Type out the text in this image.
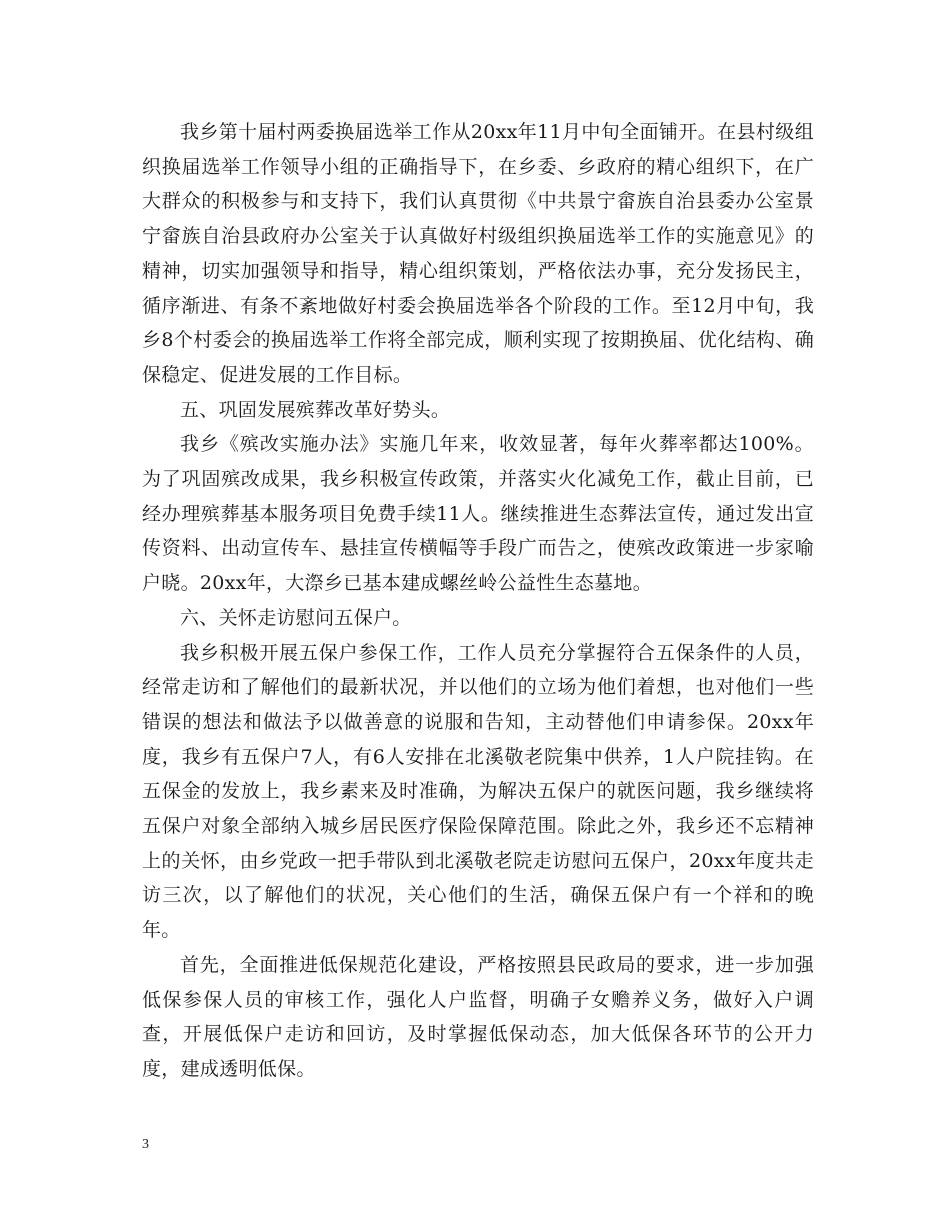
我乡第十届村两委换届选举工作从20xx年11月中旬全面铺开。在县村级组织换届选举工作领导小组的正确指导下，在乡委、乡政府的精心组织下，在广大群众的积极参与和支持下，我们认真贯彻《中共景宁畲族自治县委办公室景宁畲族自治县政府办公室关于认真做好村级组织换届选举工作的实施意见》的精神，切实加强领导和指导，精心组织策划，严格依法办事，充分发扬民主，循序渐进、有条不紊地做好村委会换届选举各个阶段的工作。至12月中旬，我乡8个村委会的换届选举工作将全部完成，顺利实现了按期换届、优化结构、确保稳定、促进发展的工作目标。

五、巩固发展殡葬改革好势头。

我乡《殡改实施办法》实施几年来，收效显著，每年火葬率都达100%。为了巩固殡改成果，我乡积极宣传政策，并落实火化减免工作，截止目前，已经办理殡葬基本服务项目免费手续11人。继续推进生态葬法宣传，通过发出宣传资料、出动宣传车、悬挂宣传横幅等手段广而告之，使殡改政策进一步家喻户晓。20xx年，大漈乡已基本建成螺丝岭公益性生态墓地。

六、关怀走访慰问五保户。

我乡积极开展五保户参保工作，工作人员充分掌握符合五保条件的人员，经常走访和了解他们的最新状况，并以他们的立场为他们着想，也对他们一些错误的想法和做法予以做善意的说服和告知，主动替他们申请参保。20xx年度，我乡有五保户7人，有6人安排在北溪敬老院集中供养，1人户院挂钩。在五保金的发放上，我乡素来及时准确，为解决五保户的就医问题，我乡继续将五保户对象全部纳入城乡居民医疗保险保障范围。除此之外，我乡还不忘精神上的关怀，由乡党政一把手带队到北溪敬老院走访慰问五保户，20xx年度共走访三次，以了解他们的状况，关心他们的生活，确保五保户有一个祥和的晚年。

首先，全面推进低保规范化建设，严格按照县民政局的要求，进一步加强低保参保人员的审核工作，强化人户监督，明确子女赡养义务，做好入户调查，开展低保户走访和回访，及时掌握低保动态，加大低保各环节的公开力度，建成透明低保。

3
